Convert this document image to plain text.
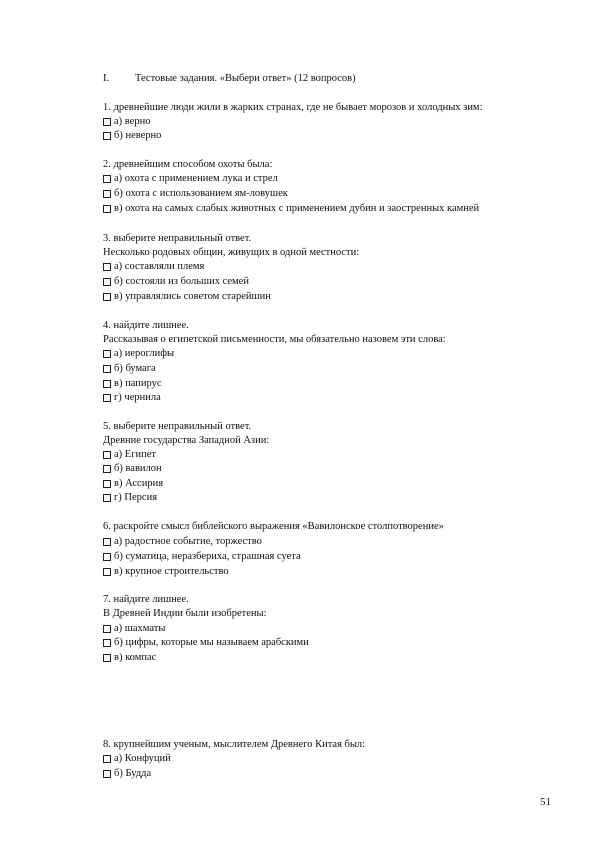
I. Тестовые задания. «Выбери ответ» (12 вопросов)
1. древнейшие люди жили в жарких странах, где не бывает морозов и холодных зим:
а) верно
б) неверно
2. древнейшим способом охоты была:
а) охота с применением лука и стрел
б) охота с использованием ям-ловушек
в) охота на самых слабых животных с применением дубин и заостренных камней
3. выберите неправильный ответ.
Несколько родовых общин, живущих в одной местности:
а) составляли племя
б) состояли из больших семей
в) управлялись советом старейшин
4. найдите лишнее.
Рассказывая о египетской письменности, мы обязательно назовем эти слова:
а) иероглифы
б) бумага
в) папирус
г) чернила
5. выберите неправильный ответ.
Древние государства Западной Азии:
а) Египет
б) вавилон
в) Ассирия
г) Персия
6. раскройте смысл библейского выражения «Вавилонское столпотворение»
а) радостное событие, торжество
б) суматица, неразбериха, страшная суета
в) крупное строительство
7. найдите лишнее.
В Древней Индии были изобретены:
а) шахматы
б) цифры, которые мы называем арабскими
в) компас
8. крупнейшим ученым, мыслителем Древнего Китая был:
а) Конфуций
б) Будда
51
